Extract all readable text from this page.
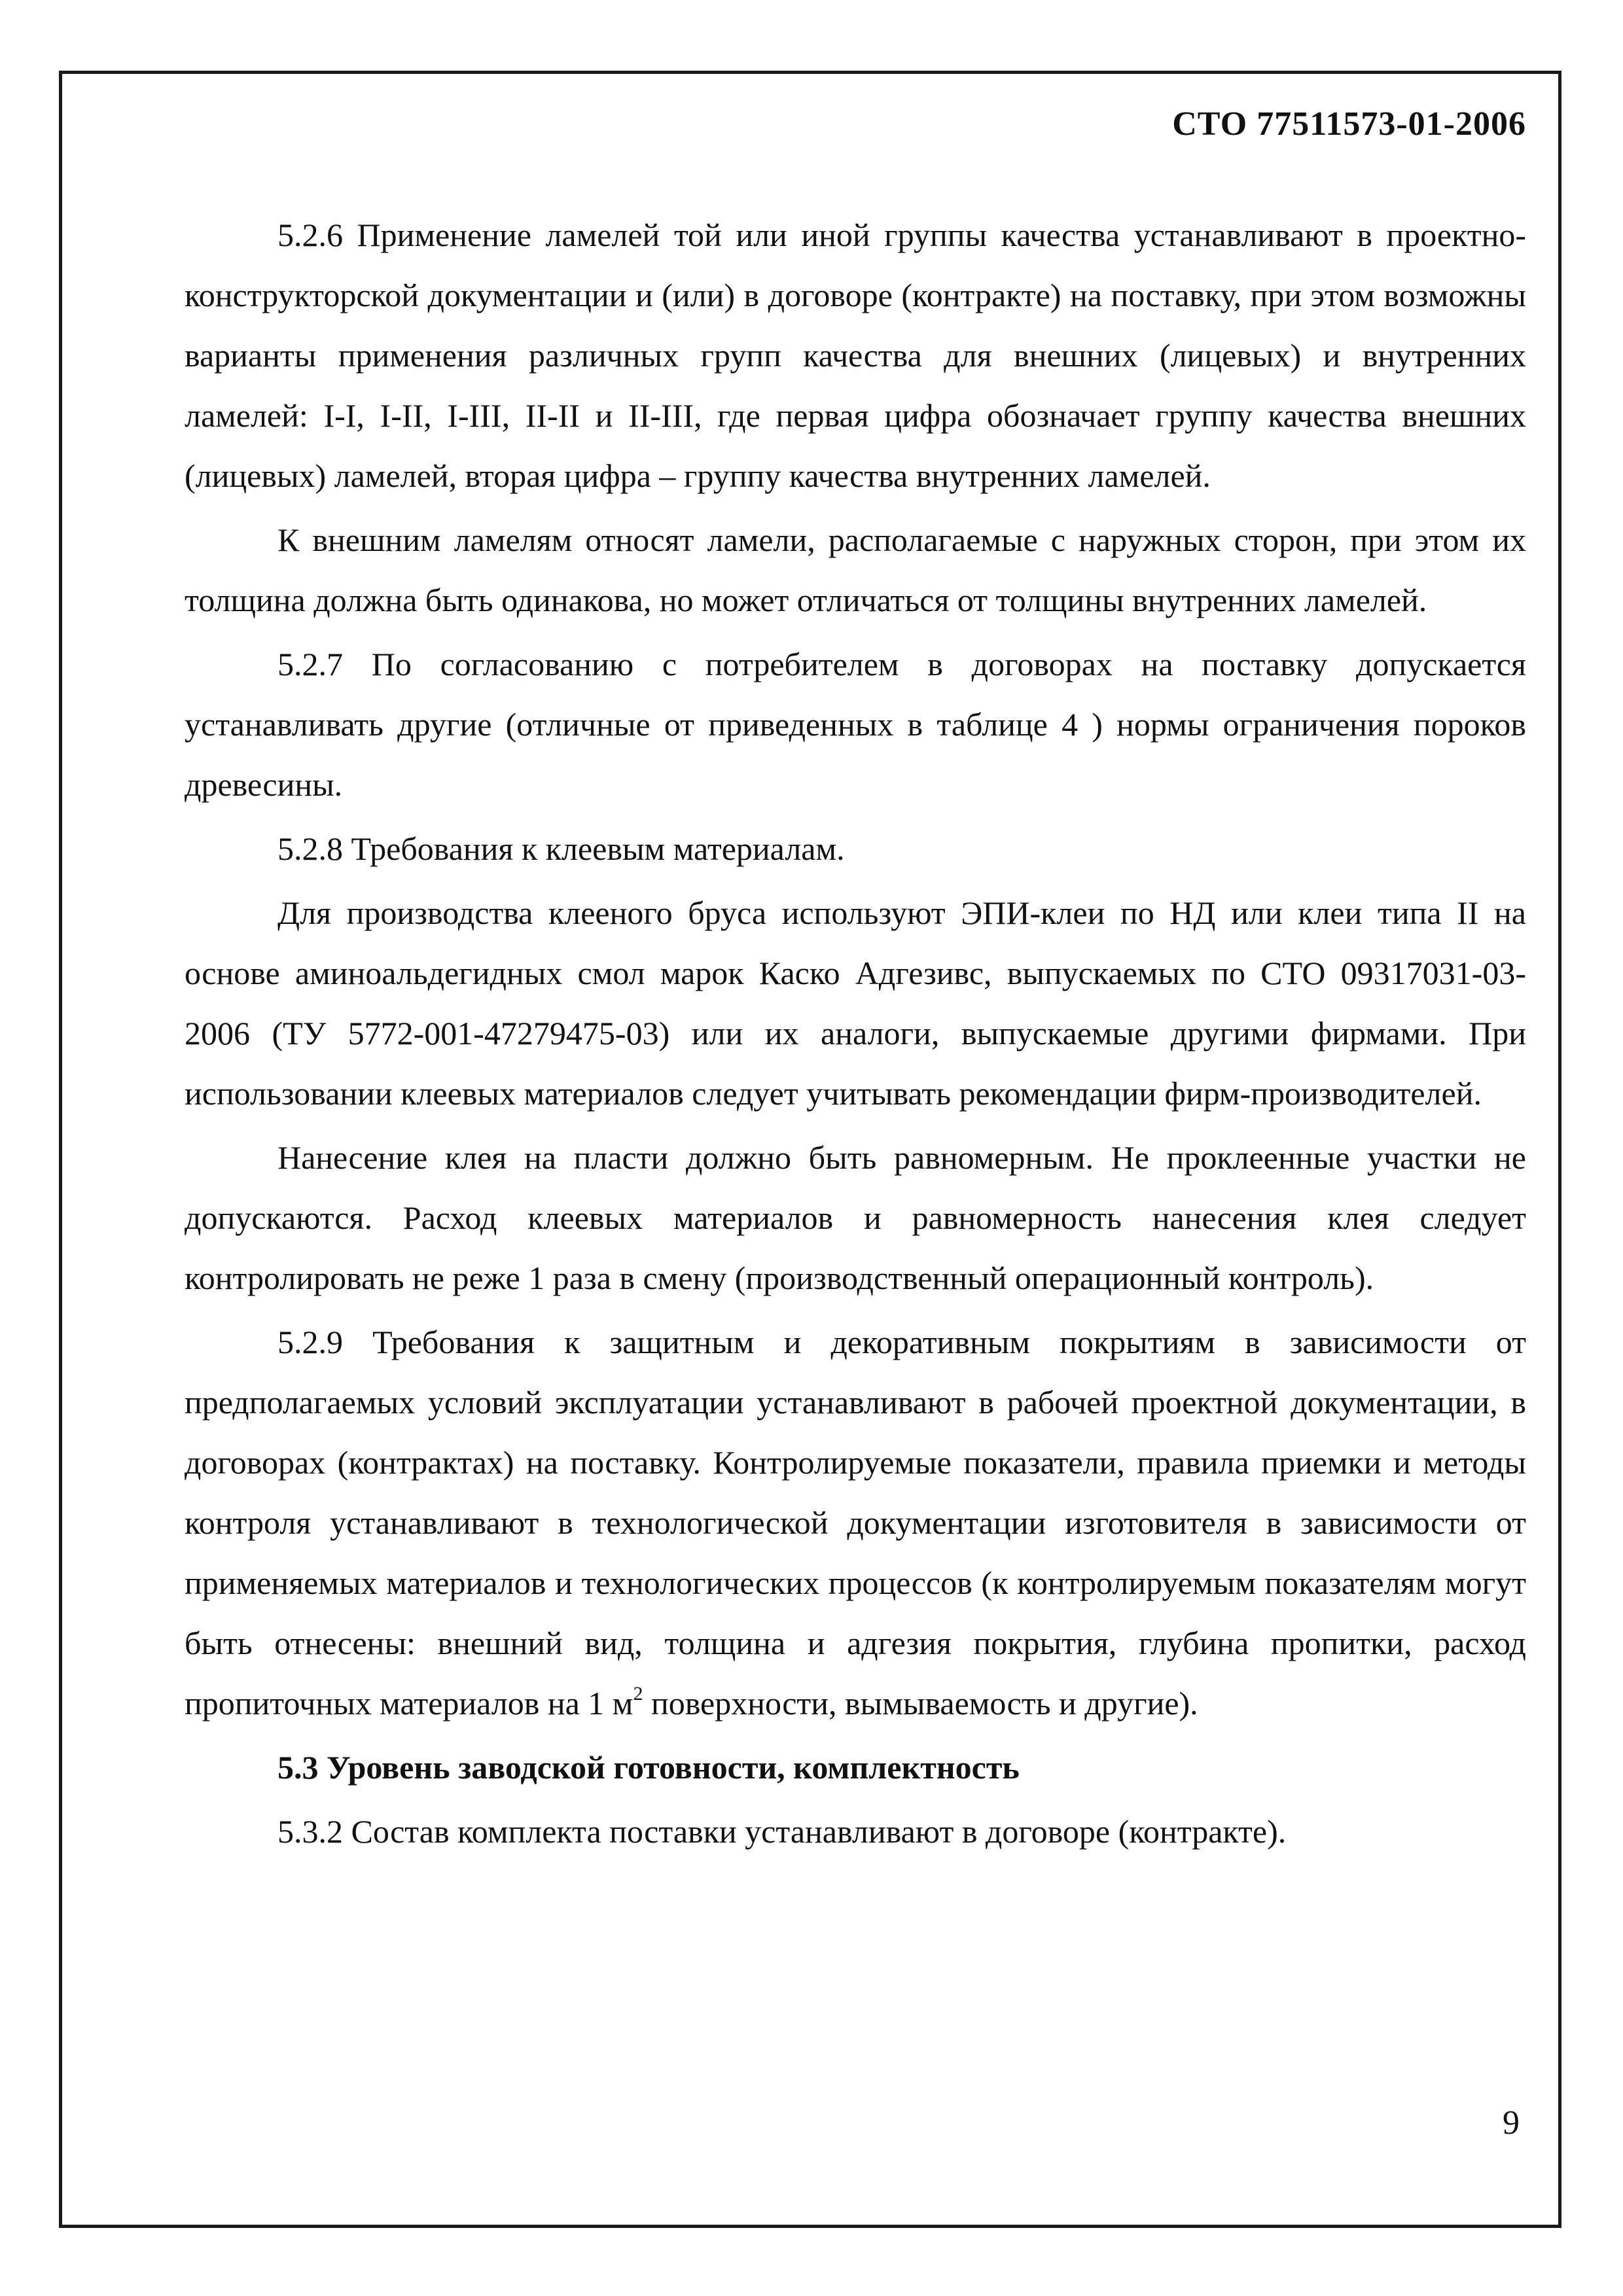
СТО 77511573-01-2006

5.2.6 Применение ламелей той или иной группы качества устанавливают в проектно-конструкторской документации и (или) в договоре (контракте) на поставку, при этом возможны варианты применения различных групп качества для внешних (лицевых) и внутренних ламелей: I-I, I-II, I-III, II-II и II-III, где первая цифра обозначает группу качества внешних (лицевых) ламелей, вторая цифра – группу качества внутренних ламелей.

К внешним ламелям относят ламели, располагаемые с наружных сторон, при этом их толщина должна быть одинакова, но может отличаться от толщины внутренних ламелей.

5.2.7 По согласованию с потребителем в договорах на поставку допускается устанавливать другие (отличные от приведенных в таблице 4 ) нормы ограничения пороков древесины.

5.2.8 Требования к клеевым материалам.

Для производства клееного бруса используют ЭПИ-клеи по НД или клеи типа II на основе аминоальдегидных смол марок Каско Адгезивс, выпускаемых по СТО 09317031-03-2006 (ТУ 5772-001-47279475-03) или их аналоги, выпускаемые другими фирмами. При использовании клеевых материалов следует учитывать рекомендации фирм-производителей.

Нанесение клея на пласти должно быть равномерным. Не проклеенные участки не допускаются. Расход клеевых материалов и равномерность нанесения клея следует контролировать не реже 1 раза в смену (производственный операционный контроль).

5.2.9 Требования к защитным и декоративным покрытиям в зависимости от предполагаемых условий эксплуатации устанавливают в рабочей проектной документации, в договорах (контрактах) на поставку. Контролируемые показатели, правила приемки и методы контроля устанавливают в технологической документации изготовителя в зависимости от применяемых материалов и технологических процессов (к контролируемым показателям могут быть отнесены: внешний вид, толщина и адгезия покрытия, глубина пропитки, расход пропиточных материалов на 1 $м^2$ поверхности, вымываемость и другие).

5.3 Уровень заводской готовности, комплектность

5.3.2 Состав комплекта поставки устанавливают в договоре (контракте).

9
